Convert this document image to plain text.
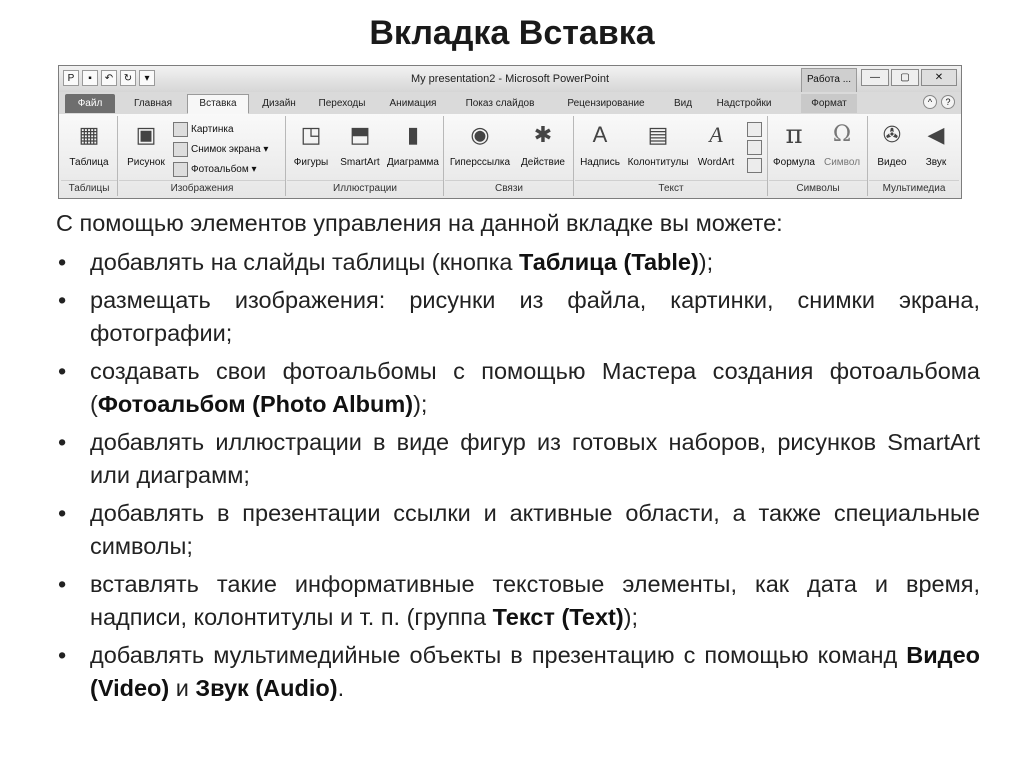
Вкладка Вставка
P	▪	↶	↻	▾	My presentation2 - Microsoft PowerPoint	Работа ...	—	▢	✕
Файл	Главная	Вставка	Дизайн	Переходы	Анимация	Показ слайдов	Рецензирование	Вид	Надстройки	Формат	^	?
▦
Таблица
Таблицы
▣
Рисунок
Картинка
Снимок экрана ▾
Фотоальбом ▾
Изображения
◳
Фигуры
⬒
SmartArt
▮
Диаграмма
Иллюстрации
◉
Гиперссылка
✱
Действие
Связи
A
Надпись
▤
Колонтитулы
A
WordArt
Текст
π
Формула
Ω
Символ
Символы
✇
Видео
◀
Звук
Мультимедиа

С помощью элементов управления на данной вкладке вы можете:

• добавлять на слайды таблицы (кнопка Таблица (Table));
• размещать изображения: рисунки из файла, картинки, снимки экрана, фотографии;
• создавать свои фотоальбомы с помощью Мастера создания фотоальбома (Фотоальбом (Photo Album));
• добавлять иллюстрации в виде фигур из готовых наборов, рисунков SmartArt или диаграмм;
• добавлять в презентации ссылки и активные области, а также специальные символы;
• вставлять такие информативные текстовые элементы, как дата и время, надписи, колонтитулы и т. п. (группа Текст (Text));
• добавлять мультимедийные объекты в презентацию с помощью команд Видео (Video) и Звук (Audio).
